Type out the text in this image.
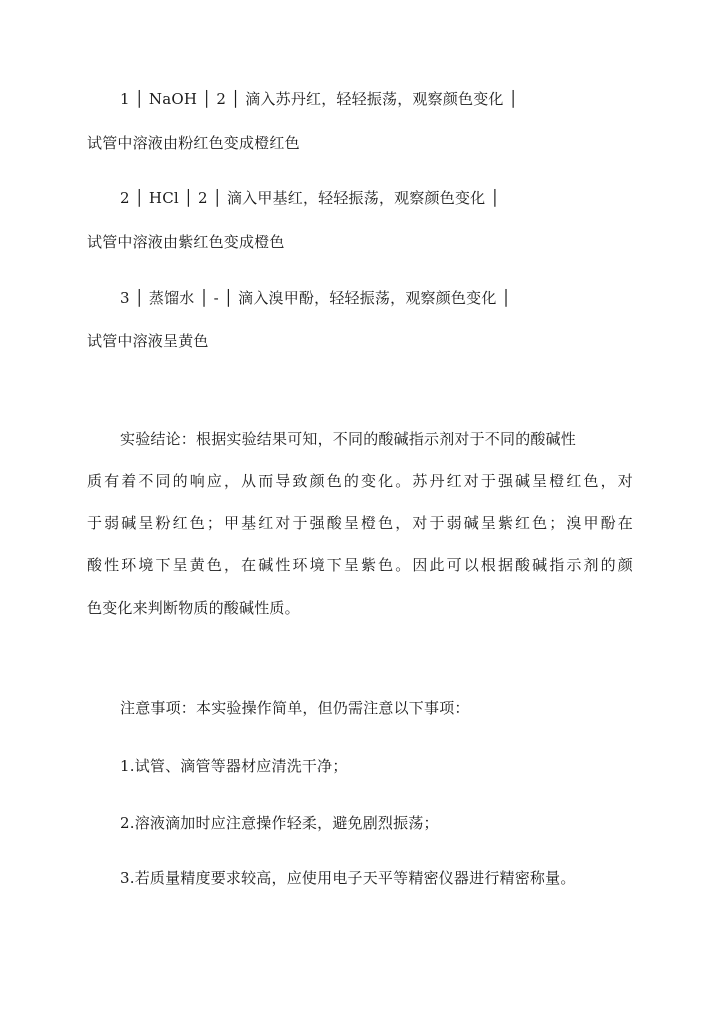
1 │ NaOH │ 2 │ 滴入苏丹红，轻轻振荡，观察颜色变化 │
试管中溶液由粉红色变成橙红色
2 │ HCl │ 2 │ 滴入甲基红，轻轻振荡，观察颜色变化 │
试管中溶液由紫红色变成橙色
3 │ 蒸馏水 │ - │ 滴入溴甲酚，轻轻振荡，观察颜色变化 │
试管中溶液呈黄色
实验结论：根据实验结果可知，不同的酸碱指示剂对于不同的酸碱性
质有着不同的响应，从而导致颜色的变化。苏丹红对于强碱呈橙红色，对
于弱碱呈粉红色；甲基红对于强酸呈橙色，对于弱碱呈紫红色；溴甲酚在
酸性环境下呈黄色，在碱性环境下呈紫色。因此可以根据酸碱指示剂的颜
色变化来判断物质的酸碱性质。
注意事项：本实验操作简单，但仍需注意以下事项：
1.试管、滴管等器材应清洗干净；
2.溶液滴加时应注意操作轻柔，避免剧烈振荡；
3.若质量精度要求较高，应使用电子天平等精密仪器进行精密称量。
